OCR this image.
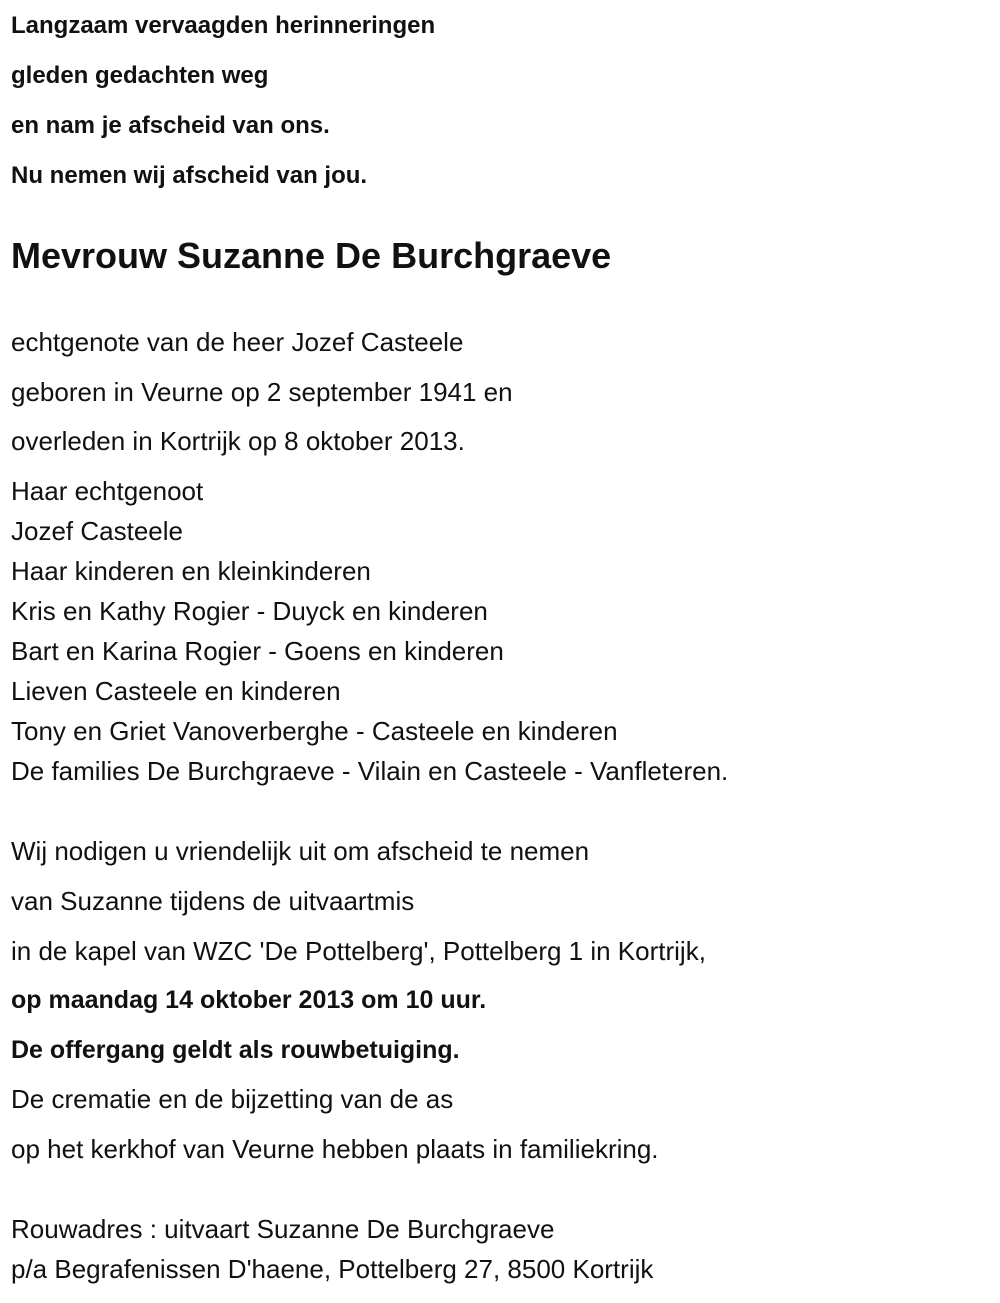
Langzaam vervaagden herinneringen
gleden gedachten weg
en nam je afscheid van ons.
Nu nemen wij afscheid van jou.
Mevrouw Suzanne De Burchgraeve
echtgenote van de heer Jozef Casteele
geboren in Veurne op 2 september 1941 en
overleden in Kortrijk op 8 oktober 2013.
Haar echtgenoot
Jozef Casteele
Haar kinderen en kleinkinderen
Kris en Kathy Rogier - Duyck en kinderen
Bart en Karina Rogier - Goens en kinderen
Lieven Casteele en kinderen
Tony en Griet Vanoverberghe - Casteele en kinderen
De families De Burchgraeve - Vilain en Casteele - Vanfleteren.
Wij nodigen u vriendelijk uit om afscheid te nemen
van Suzanne tijdens de uitvaartmis
in de kapel van WZC 'De Pottelberg', Pottelberg 1 in Kortrijk,
op maandag 14 oktober 2013 om 10 uur.
De offergang geldt als rouwbetuiging.
De crematie en de bijzetting van de as
op het kerkhof van Veurne hebben plaats in familiekring.
Rouwadres : uitvaart Suzanne De Burchgraeve
p/a Begrafenissen D'haene, Pottelberg 27, 8500 Kortrijk
